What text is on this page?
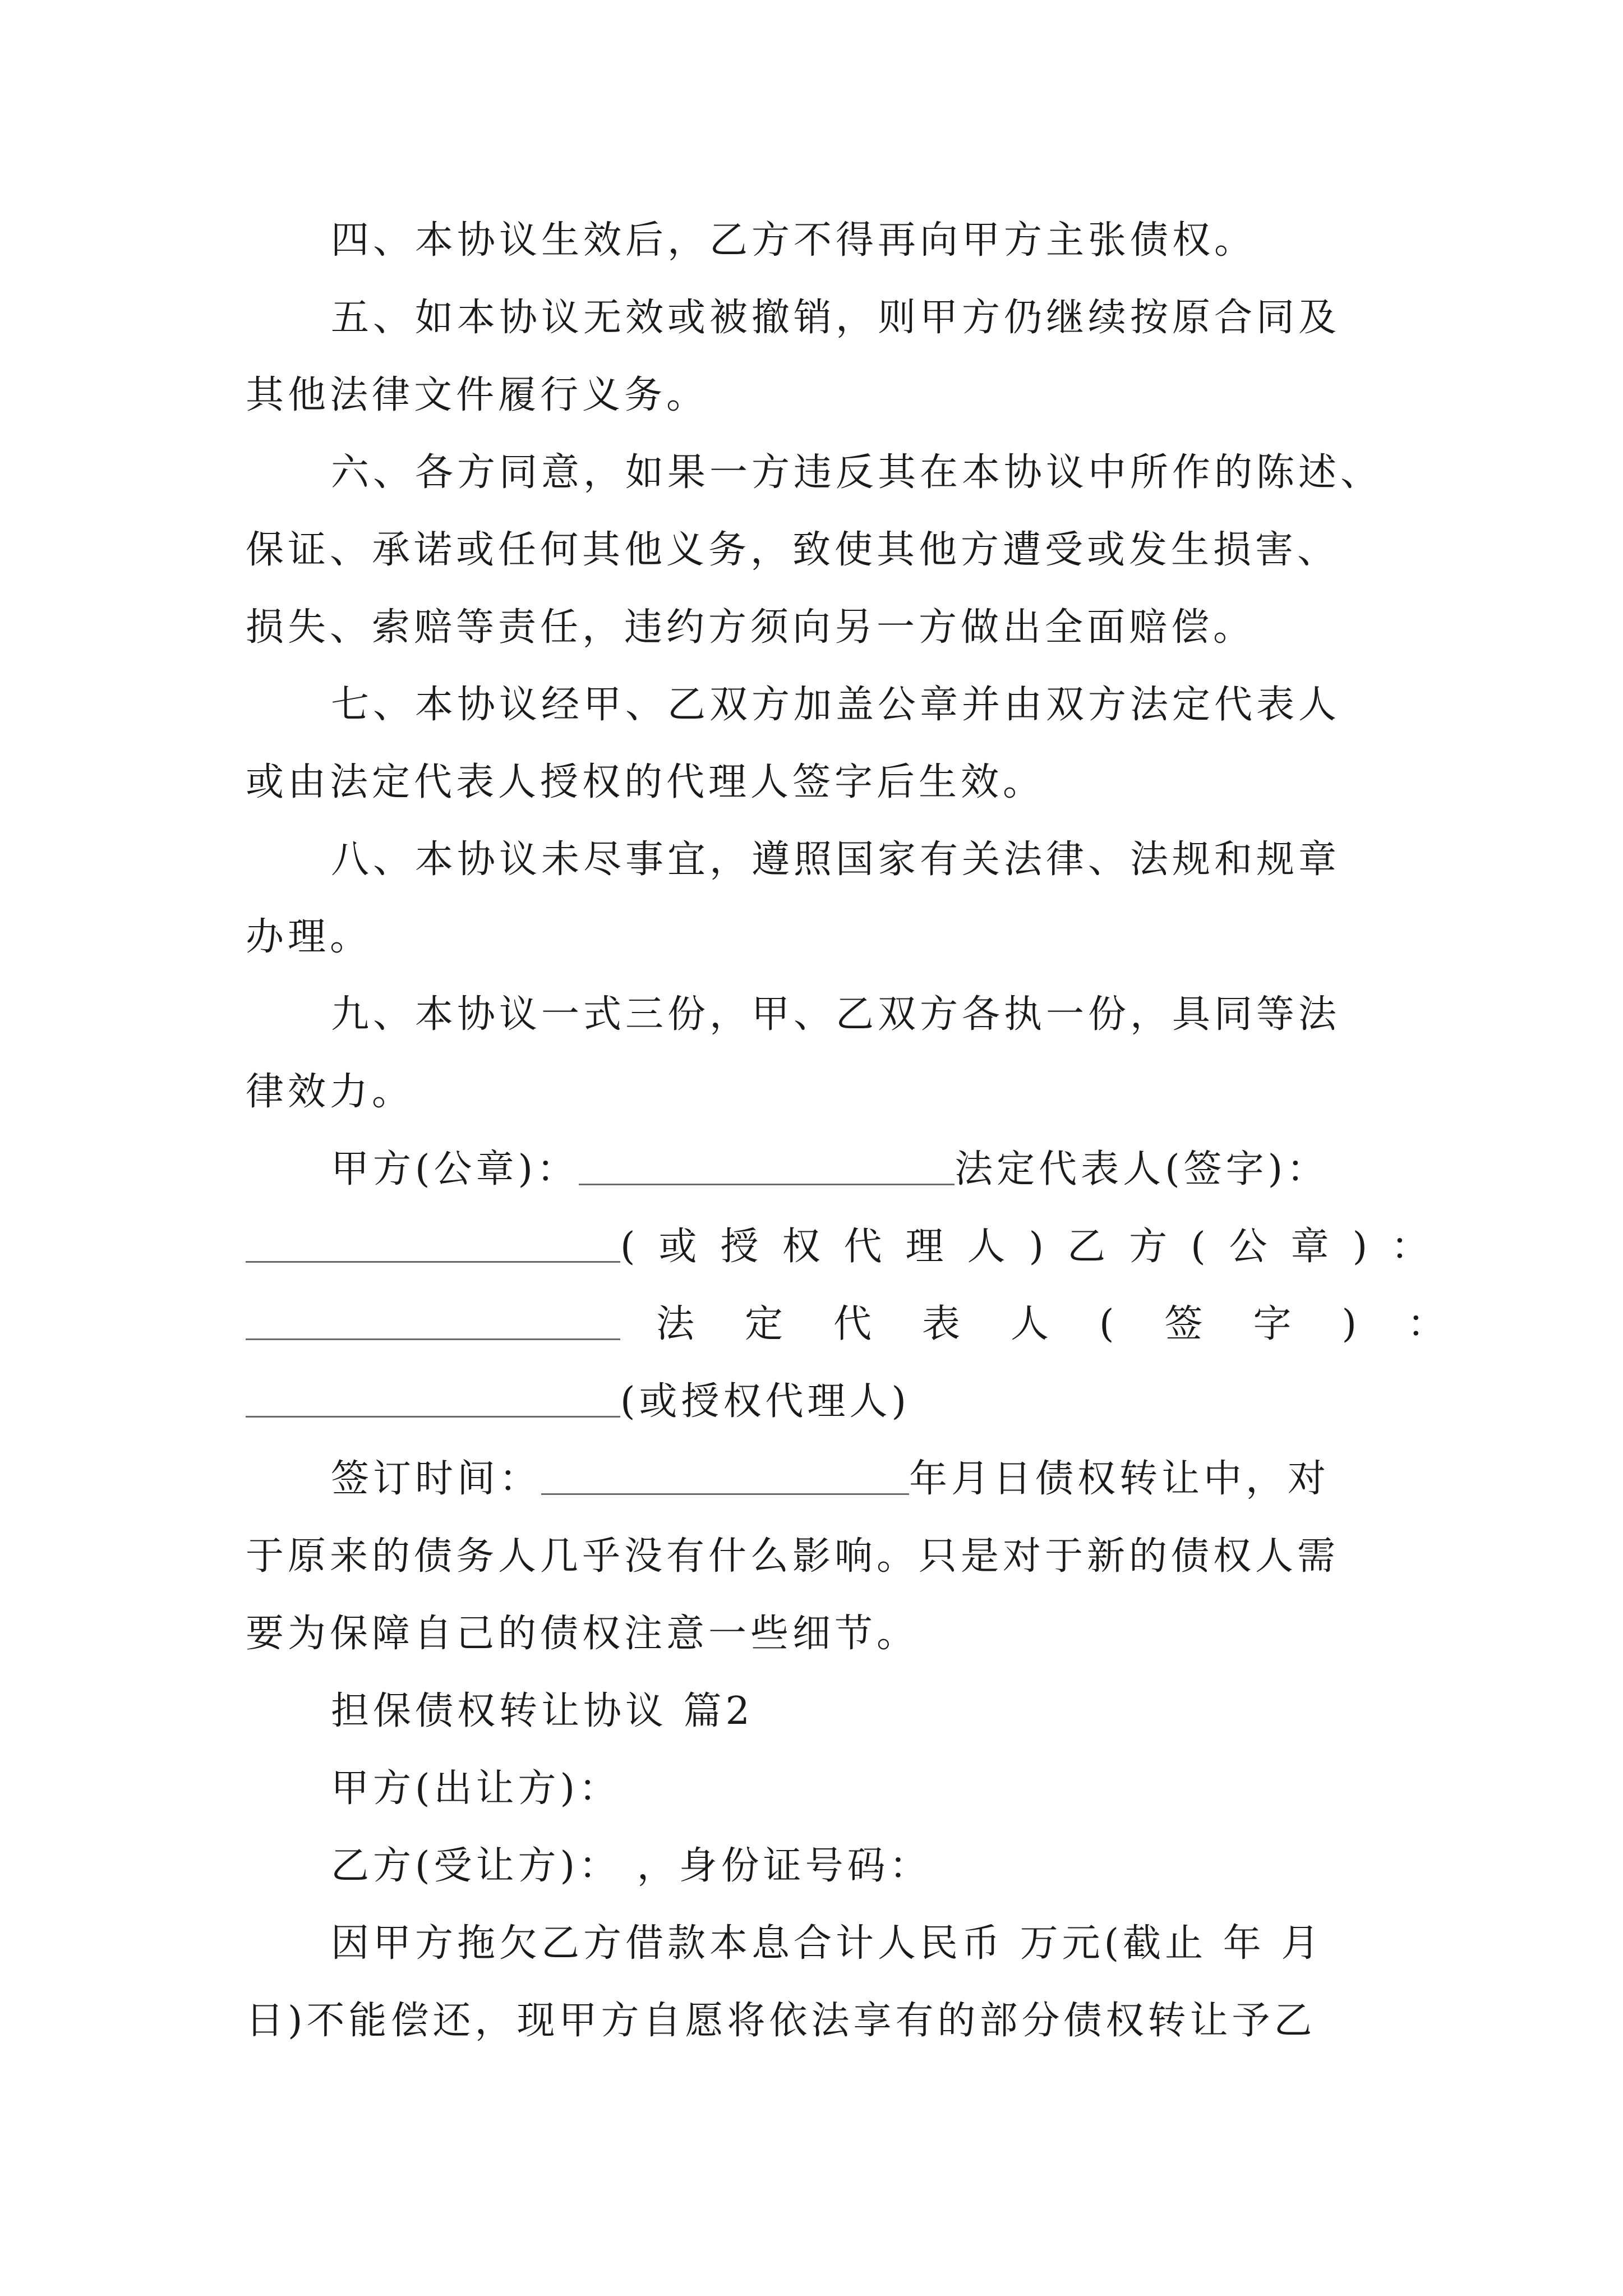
四、本协议生效后，乙方不得再向甲方主张债权。
五、如本协议无效或被撤销，则甲方仍继续按原合同及
其他法律文件履行义务。
六、各方同意，如果一方违反其在本协议中所作的陈述、
保证、承诺或任何其他义务，致使其他方遭受或发生损害、
损失、索赔等责任，违约方须向另一方做出全面赔偿。
七、本协议经甲、乙双方加盖公章并由双方法定代表人
或由法定代表人授权的代理人签字后生效。
八、本协议未尽事宜，遵照国家有关法律、法规和规章
办理。
九、本协议一式三份，甲、乙双方各执一份，具同等法
律效力。
甲方(公章)：	法定代表人(签字)：
(或授权代理人)乙方(公章)：
法定代表人(签字)：
(或授权代理人)
签订时间：	年月日债权转让中，对
于原来的债务人几乎没有什么影响。只是对于新的债权人需
要为保障自己的债权注意一些细节。
担保债权转让协议 篇2
甲方(出让方)：
乙方(受让方)： ，身份证号码：
因甲方拖欠乙方借款本息合计人民币 万元(截止 年 月
日)不能偿还，现甲方自愿将依法享有的部分债权转让予乙
